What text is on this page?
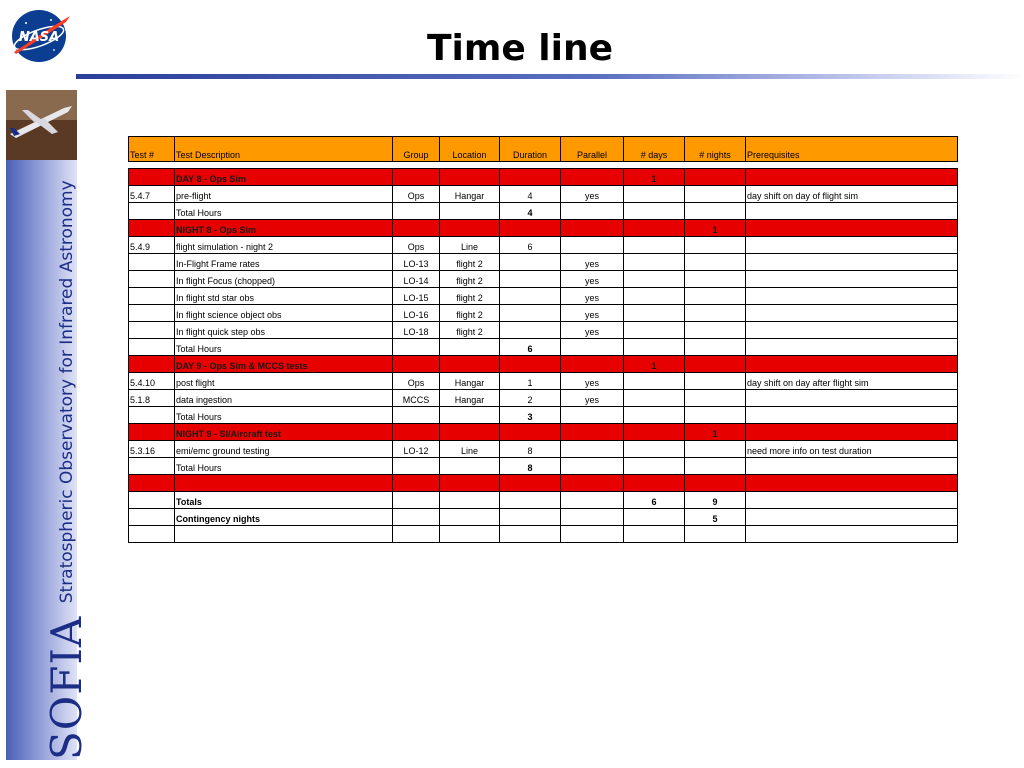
NASA	Time line
SOFIA Stratospheric Observatory for Infrared Astronomy
Test #	Test Description	Group	Location	Duration	Parallel	# days	# nights	Prerequisites

	DAY 8 - Ops Sim					1		
5.4.7	pre-flight	Ops	Hangar	4	yes			day shift on day of flight sim
	Total Hours			4				
	NIGHT 8 - Ops Sim						1	
5.4.9	flight simulation - night 2	Ops	Line	6				
	In-Flight Frame rates	LO-13	flight 2		yes			
	In flight Focus (chopped)	LO-14	flight 2		yes			
	In flight std star obs	LO-15	flight 2		yes			
	In flight science object obs	LO-16	flight 2		yes			
	In flight quick step obs	LO-18	flight 2		yes			
	Total Hours			6				
	DAY 9 - Ops Sim & MCCS tests					1		
5.4.10	post flight	Ops	Hangar	1	yes			day shift on day after flight sim
5.1.8	data ingestion	MCCS	Hangar	2	yes			
	Total Hours			3				
	NIGHT 9 - SI/Aircraft test						1	
5.3.16	emi/emc ground testing	LO-12	Line	8				need more info on test duration
	Total Hours			8				

	Totals					6	9	
	Contingency nights						5	
